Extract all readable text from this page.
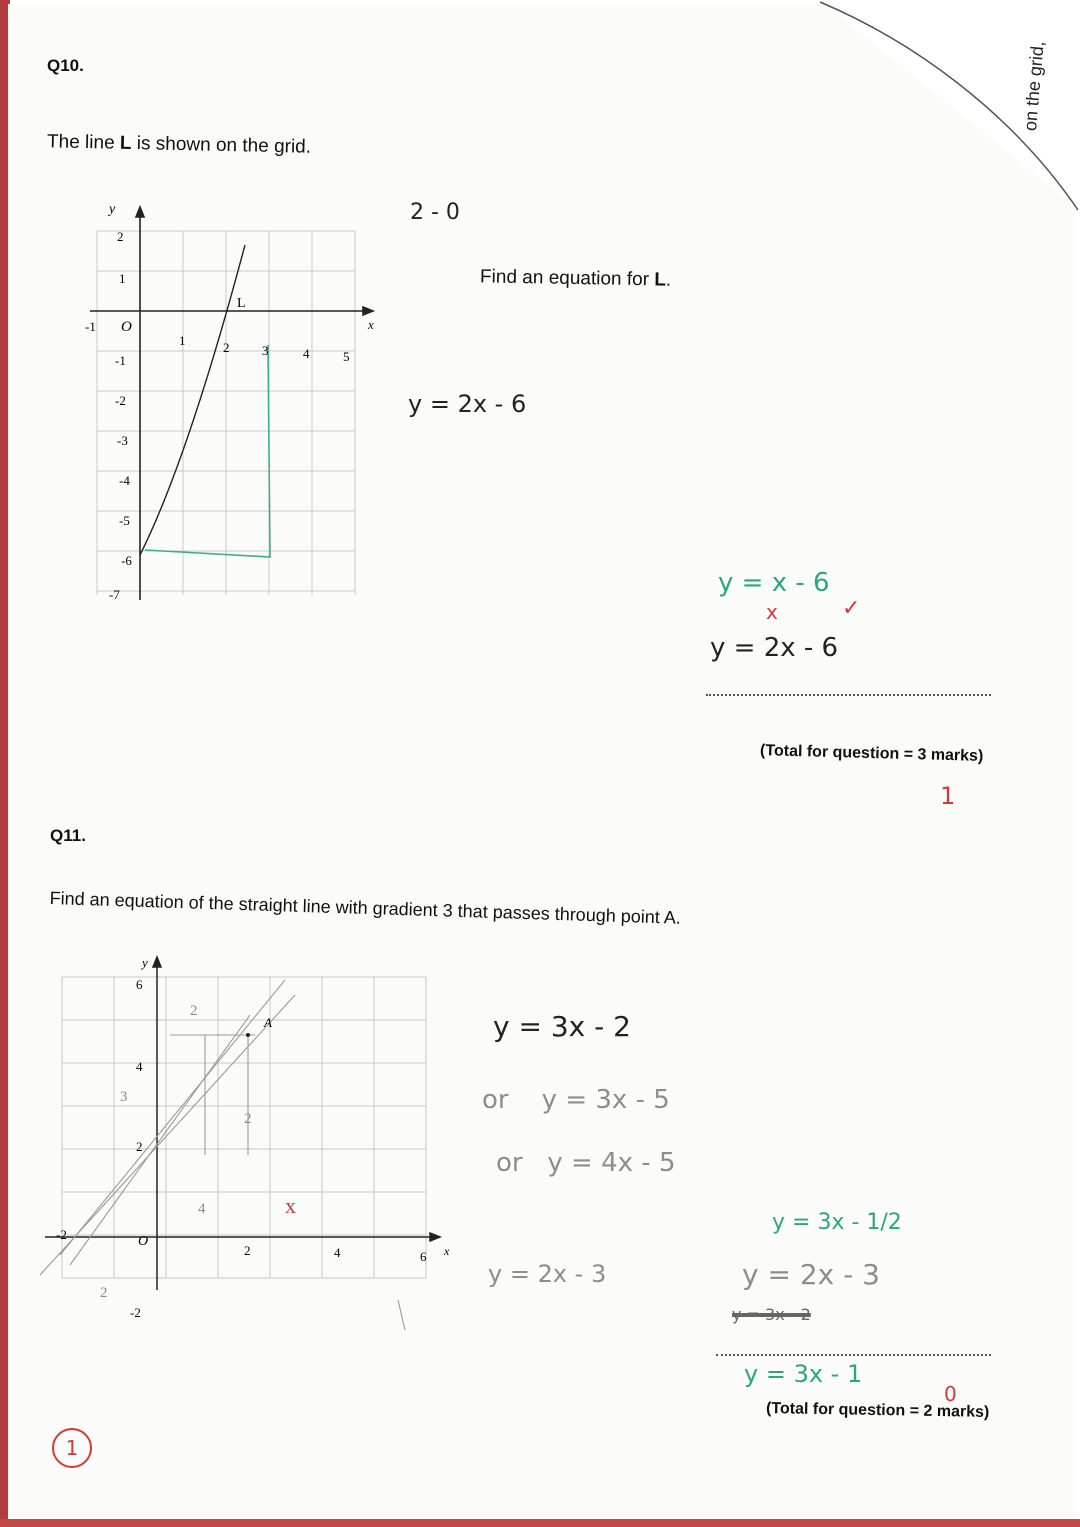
on the grid,
Q10.
The line L is shown on the grid.
y
x
O
L
-1
1	2	3	4	5
2
1
-1
-2
-3
-4
-5
-6
-7
2 - 0
Find an equation for L.
y = 2x - 6
y = x - 6
x	✓
y = 2x - 6
(Total for question = 3 marks)
1
Q11.
Find an equation of the straight line with gradient 3 that passes through point A.
y
x
O
A
6
4
2
-2
-2
2	4	6
3
4
2
2
2
x
y = 3x - 2
or y = 3x - 5
or y = 4x - 5
y = 2x - 3
y = 3x - 1/2
y = 2x - 3
y = 3x - 2
y = 3x - 1
0
(Total for question = 2 marks)
1
